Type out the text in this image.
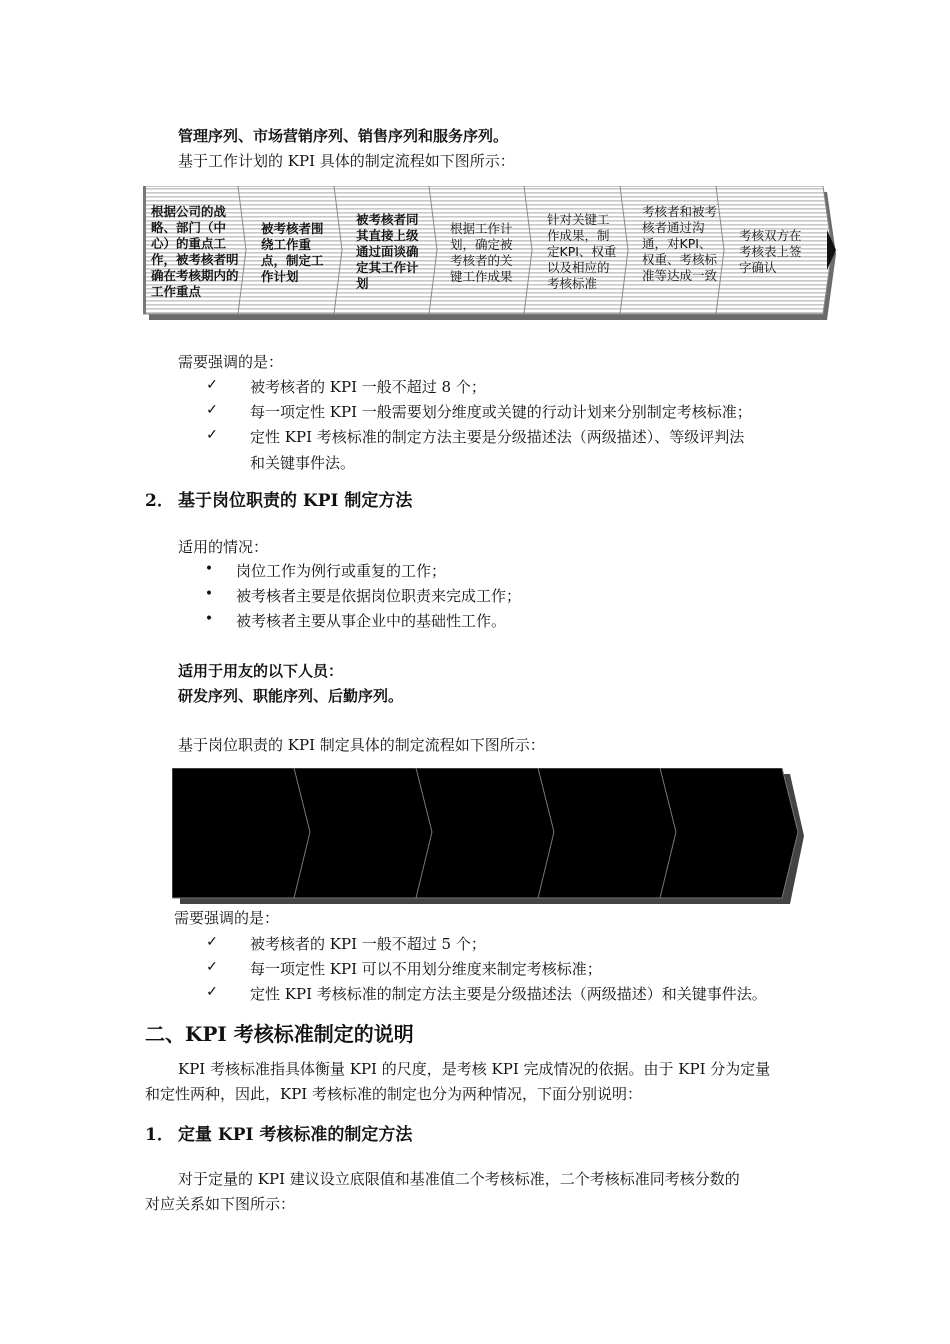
管理序列、市场营销序列、销售序列和服务序列。
基于工作计划的 KPI 具体的制定流程如下图所示：
根据公司的战略、部门（中心）的重点工作，被考核者明确在考核期内的工作重点
被考核者围绕工作重点，制定工作计划
被考核者同其直接上级通过面谈确定其工作计划
根据工作计划，确定被考核者的关键工作成果
针对关键工作成果，制定KPI、权重以及相应的考核标准
考核者和被考核者通过沟通，对KPI、权重、考核标准等达成一致
考核双方在考核表上签字确认
需要强调的是：
✓ 被考核者的 KPI 一般不超过 8 个；
✓ 每一项定性 KPI 一般需要划分维度或关键的行动计划来分别制定考核标准；
✓ 定性 KPI 考核标准的制定方法主要是分级描述法（两级描述）、等级评判法
和关键事件法。
2． 基于岗位职责的 KPI 制定方法
适用的情况：
•	岗位工作为例行或重复的工作；
•	被考核者主要是依据岗位职责来完成工作；
•	被考核者主要从事企业中的基础性工作。
适用于用友的以下人员：
研发序列、职能序列、后勤序列。
基于岗位职责的 KPI 制定具体的制定流程如下图所示：
需要强调的是：
✓ 被考核者的 KPI 一般不超过 5 个；
✓ 每一项定性 KPI 可以不用划分维度来制定考核标准；
✓ 定性 KPI 考核标准的制定方法主要是分级描述法（两级描述）和关键事件法。
二、KPI 考核标准制定的说明
KPI 考核标准指具体衡量 KPI 的尺度，是考核 KPI 完成情况的依据。由于 KPI 分为定量
和定性两种，因此，KPI 考核标准的制定也分为两种情况，下面分别说明：
1． 定量 KPI 考核标准的制定方法
对于定量的 KPI 建议设立底限值和基准值二个考核标准，二个考核标准同考核分数的
对应关系如下图所示：
